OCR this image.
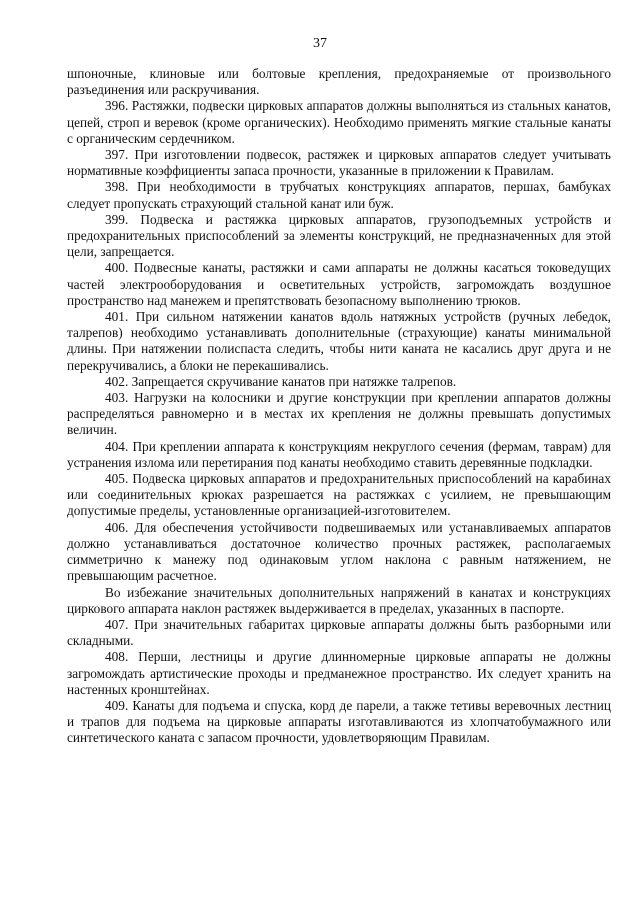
37

шпоночные, клиновые или болтовые крепления, предохраняемые от произвольного разъединения или раскручивания.

396. Растяжки, подвески цирковых аппаратов должны выполняться из стальных канатов, цепей, строп и веревок (кроме органических). Необходимо применять мягкие стальные канаты с органическим сердечником.

397. При изготовлении подвесок, растяжек и цирковых аппаратов следует учитывать нормативные коэффициенты запаса прочности, указанные в приложении к Правилам.

398. При необходимости в трубчатых конструкциях аппаратов, першах, бамбуках следует пропускать страхующий стальной канат или буж.

399. Подвеска и растяжка цирковых аппаратов, грузоподъемных устройств и предохранительных приспособлений за элементы конструкций, не предназначенных для этой цели, запрещается.

400. Подвесные канаты, растяжки и сами аппараты не должны касаться токоведущих частей электрооборудования и осветительных устройств, загромождать воздушное пространство над манежем и препятствовать безопасному выполнению трюков.

401. При сильном натяжении канатов вдоль натяжных устройств (ручных лебедок, талрепов) необходимо устанавливать дополнительные (страхующие) канаты минимальной длины. При натяжении полиспаста следить, чтобы нити каната не касались друг друга и не перекручивались, а блоки не перекашивались.

402. Запрещается скручивание канатов при натяжке талрепов.

403. Нагрузки на колосники и другие конструкции при креплении аппаратов должны распределяться равномерно и в местах их крепления не должны превышать допустимых величин.

404. При креплении аппарата к конструкциям некруглого сечения (фермам, таврам) для устранения излома или перетирания под канаты необходимо ставить деревянные подкладки.

405. Подвеска цирковых аппаратов и предохранительных приспособлений на карабинах или соединительных крюках разрешается на растяжках с усилием, не превышающим допустимые пределы, установленные организацией-изготовителем.

406. Для обеспечения устойчивости подвешиваемых или устанавливаемых аппаратов должно устанавливаться достаточное количество прочных растяжек, располагаемых симметрично к манежу под одинаковым углом наклона с равным натяжением, не превышающим расчетное.

Во избежание значительных дополнительных напряжений в канатах и конструкциях циркового аппарата наклон растяжек выдерживается в пределах, указанных в паспорте.

407. При значительных габаритах цирковые аппараты должны быть разборными или складными.

408. Перши, лестницы и другие длинномерные цирковые аппараты не должны загромождать артистические проходы и предманежное пространство. Их следует хранить на настенных кронштейнах.

409. Канаты для подъема и спуска, корд де парели, а также тетивы веревочных лестниц и трапов для подъема на цирковые аппараты изготавливаются из хлопчатобумажного или синтетического каната с запасом прочности, удовлетворяющим Правилам.
